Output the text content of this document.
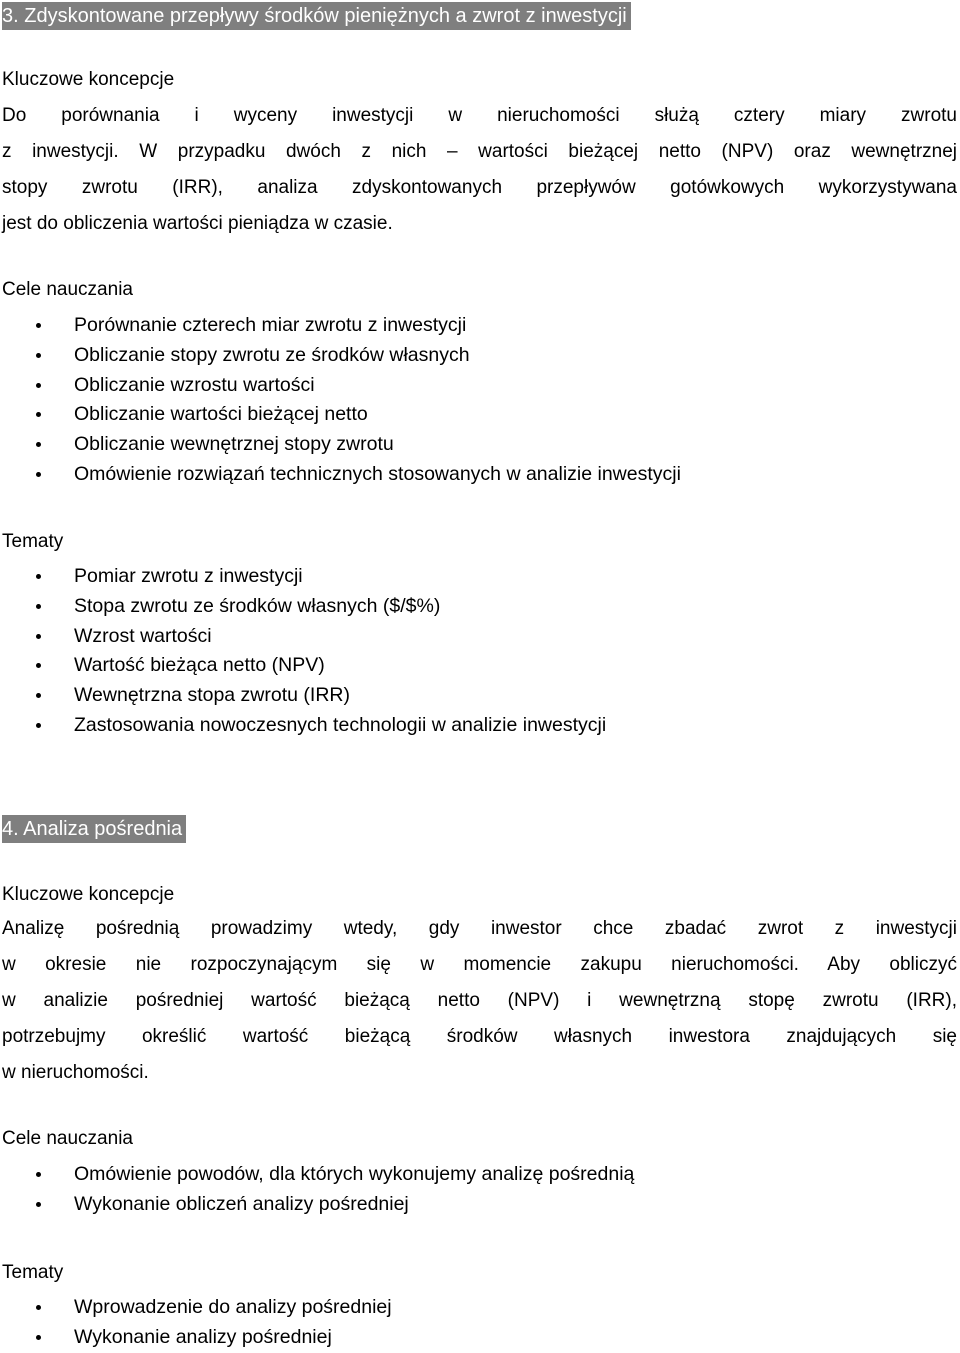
3. Zdyskontowane przepływy środków pieniężnych a zwrot z inwestycji
Kluczowe koncepcje
Do porównania i wyceny inwestycji w nieruchomości służą cztery miary zwrotu
z inwestycji. W przypadku dwóch z nich – wartości bieżącej netto (NPV) oraz wewnętrznej
stopy zwrotu (IRR), analiza zdyskontowanych przepływów gotówkowych wykorzystywana
jest do obliczenia wartości pieniądza w czasie.
Cele nauczania
Porównanie czterech miar zwrotu z inwestycji
Obliczanie stopy zwrotu ze środków własnych
Obliczanie wzrostu wartości
Obliczanie wartości bieżącej netto
Obliczanie wewnętrznej stopy zwrotu
Omówienie rozwiązań technicznych stosowanych w analizie inwestycji
Tematy
Pomiar zwrotu z inwestycji
Stopa zwrotu ze środków własnych ($/$%)
Wzrost wartości
Wartość bieżąca netto (NPV)
Wewnętrzna stopa zwrotu (IRR)
Zastosowania nowoczesnych technologii w analizie inwestycji
4. Analiza pośrednia
Kluczowe koncepcje
Analizę pośrednią prowadzimy wtedy, gdy inwestor chce zbadać zwrot z inwestycji
w okresie nie rozpoczynającym się w momencie zakupu nieruchomości. Aby obliczyć
w analizie pośredniej wartość bieżącą netto (NPV) i wewnętrzną stopę zwrotu (IRR),
potrzebujmy określić wartość bieżącą środków własnych inwestora znajdujących się
w nieruchomości.
Cele nauczania
Omówienie powodów, dla których wykonujemy analizę pośrednią
Wykonanie obliczeń analizy pośredniej
Tematy
Wprowadzenie do analizy pośredniej
Wykonanie analizy pośredniej
